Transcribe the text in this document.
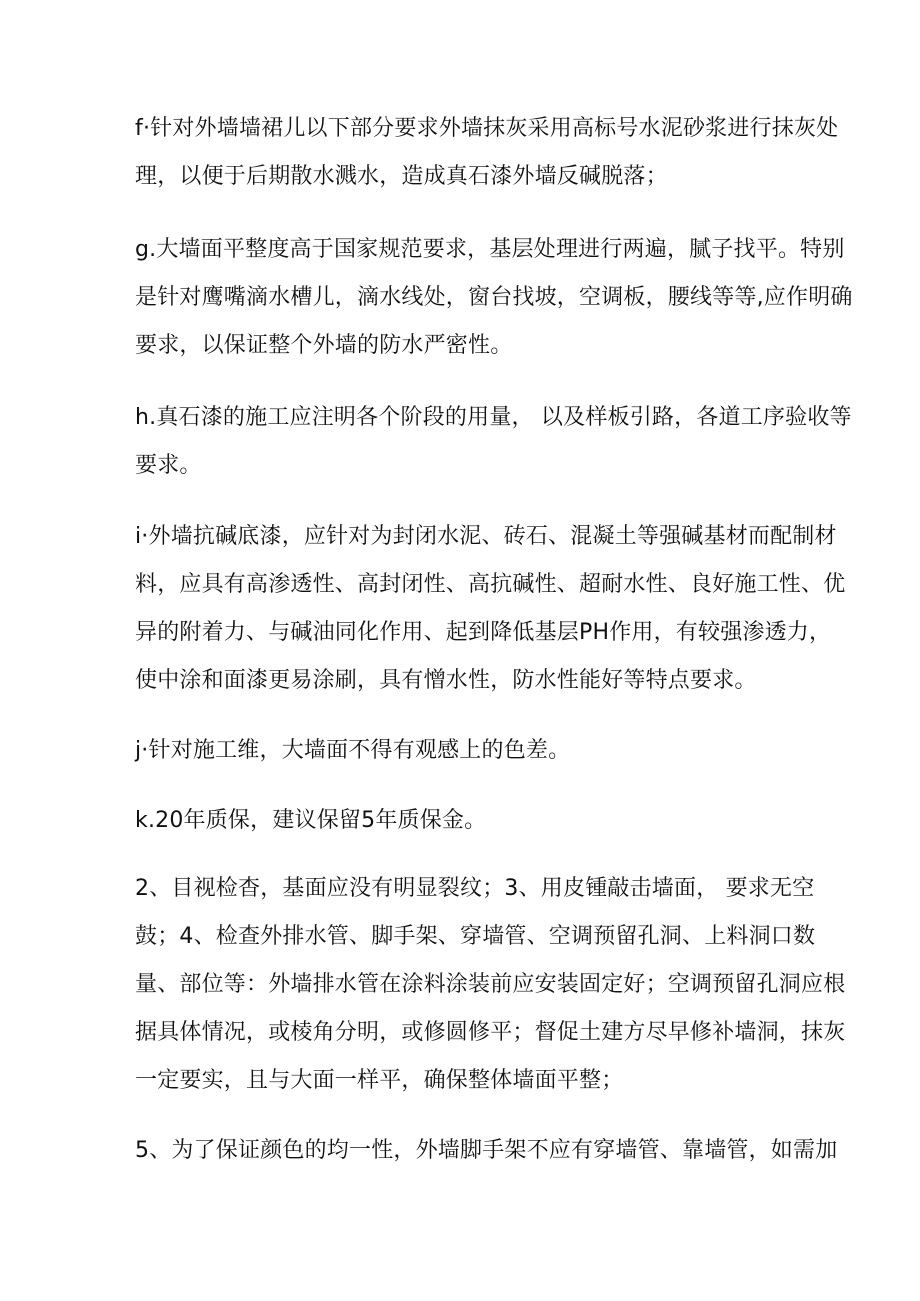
f·针对外墙墙裙儿以下部分要求外墙抹灰采用高标号水泥砂浆进行抹灰处
理，以便于后期散水溅水，造成真石漆外墙反碱脱落；
g.大墙面平整度高于国家规范要求，基层处理进行两遍，腻子找平。特别
是针对鹰嘴滴水槽儿，滴水线处，窗台找坡，空调板，腰线等等,应作明确
要求，以保证整个外墙的防水严密性。
h.真石漆的施工应注明各个阶段的用量， 以及样板引路，各道工序验收等
要求。
i·外墙抗碱底漆，应针对为封闭水泥、砖石、混凝土等强碱基材而配制材
料，应具有高渗透性、高封闭性、高抗碱性、超耐水性、良好施工性、优
异的附着力、与碱油同化作用、起到降低基层PH作用，有较强渗透力，
使中涂和面漆更易涂刷，具有憎水性，防水性能好等特点要求。
j·针对施工维，大墙面不得有观感上的色差。
k.20年质保，建议保留5年质保金。
2、目视检杳，基面应没有明显裂纹；3、用皮锺敲击墙面， 要求无空
鼓；4、检查外排水管、脚手架、穿墙管、空调预留孔洞、上料洞口数
量、部位等：外墙排水管在涂料涂装前应安装固定好；空调预留孔洞应根
据具体情况，或棱角分明，或修圆修平；督促土建方尽早修补墙洞，抹灰
一定要实，且与大面一样平，确保整体墙面平整；
5、为了保证颜色的均一性，外墙脚手架不应有穿墙管、靠墙管，如需加
